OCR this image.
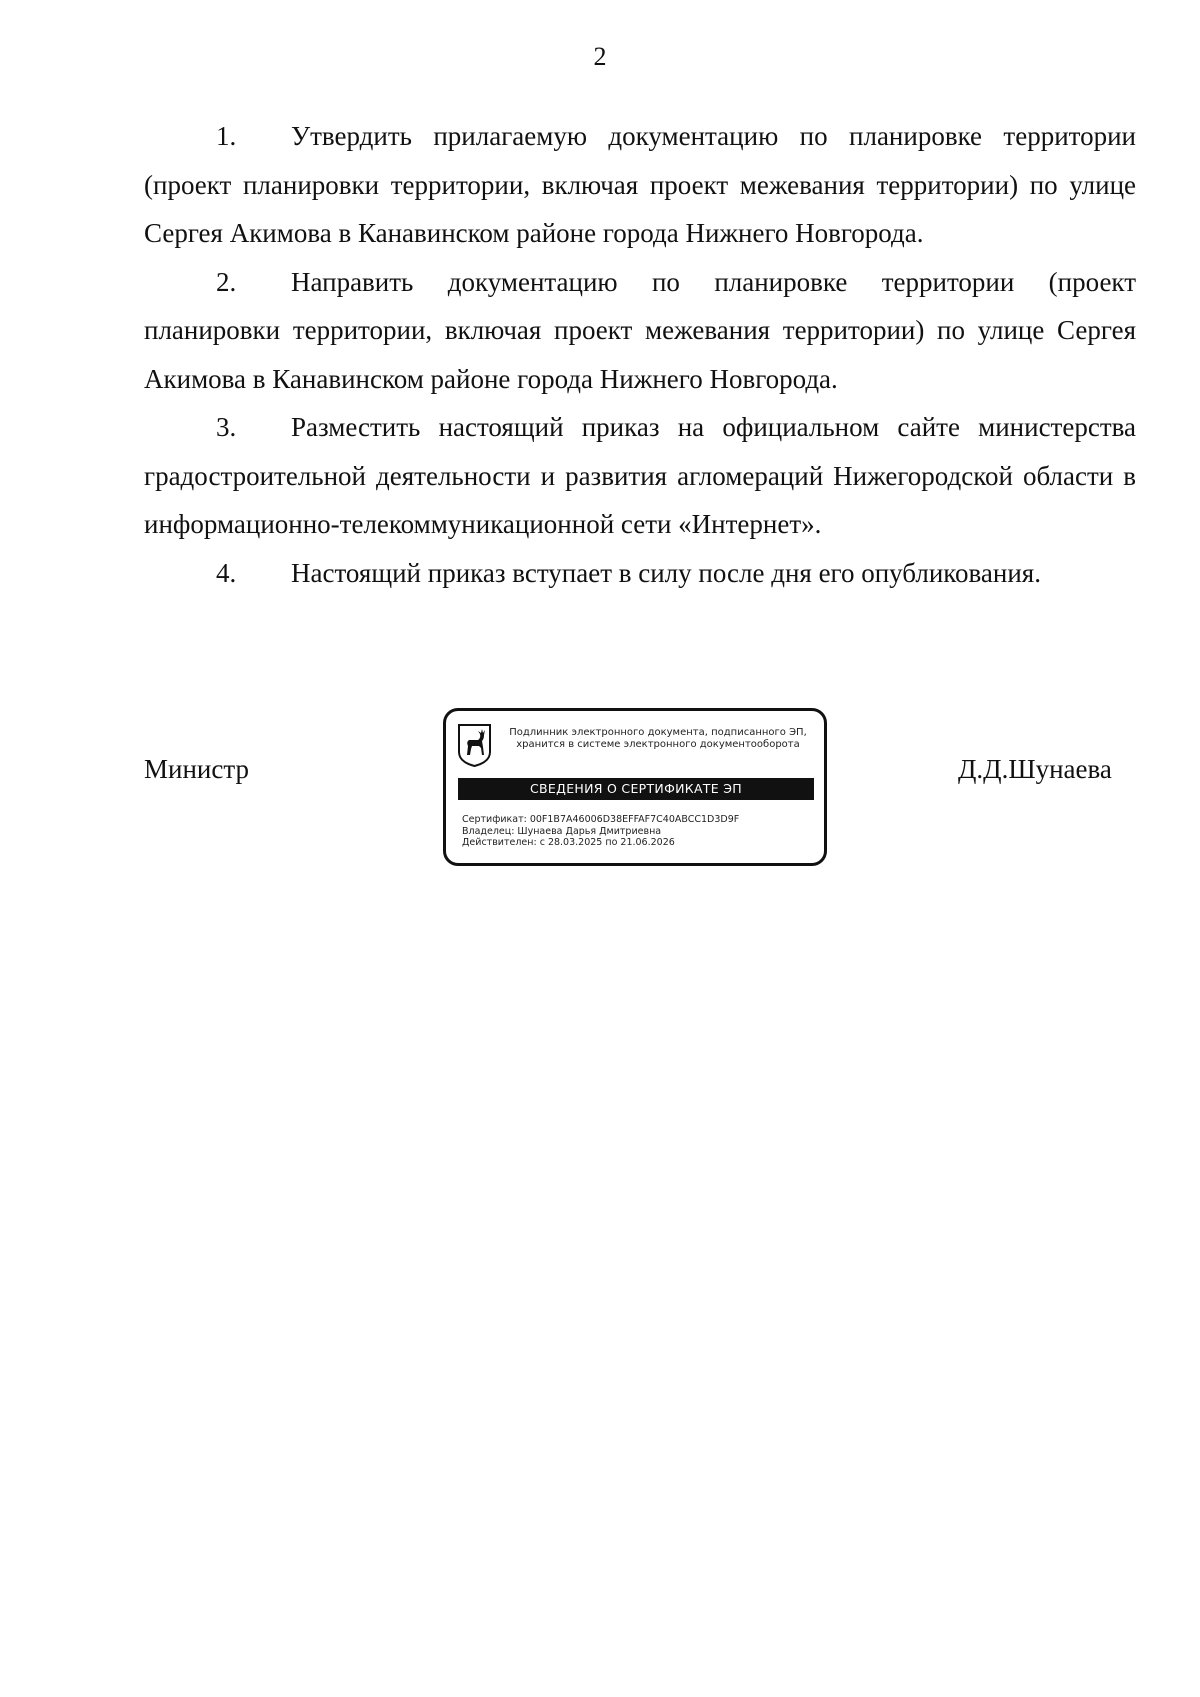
2

1. Утвердить прилагаемую документацию по планировке территории (проект планировки территории, включая проект межевания территории) по улице Сергея Акимова в Канавинском районе города Нижнего Новгорода.

2. Направить документацию по планировке территории (проект планировки территории, включая проект межевания территории) по улице Сергея Акимова в Канавинском районе города Нижнего Новгорода.

3. Разместить настоящий приказ на официальном сайте министерства градостроительной деятельности и развития агломераций Нижегородской области в информационно-телекоммуникационной сети «Интернет».

4. Настоящий приказ вступает в силу после дня его опубликования.

Министр
Подлинник электронного документа, подписанного ЭП,
хранится в системе электронного документооборота
СВЕДЕНИЯ О СЕРТИФИКАТЕ ЭП
Сертификат: 00F1B7A46006D38EFFAF7C40ABCC1D3D9F
Владелец: Шунаева Дарья Дмитриевна
Действителен: с 28.03.2025 по 21.06.2026
Д.Д.Шунаева
